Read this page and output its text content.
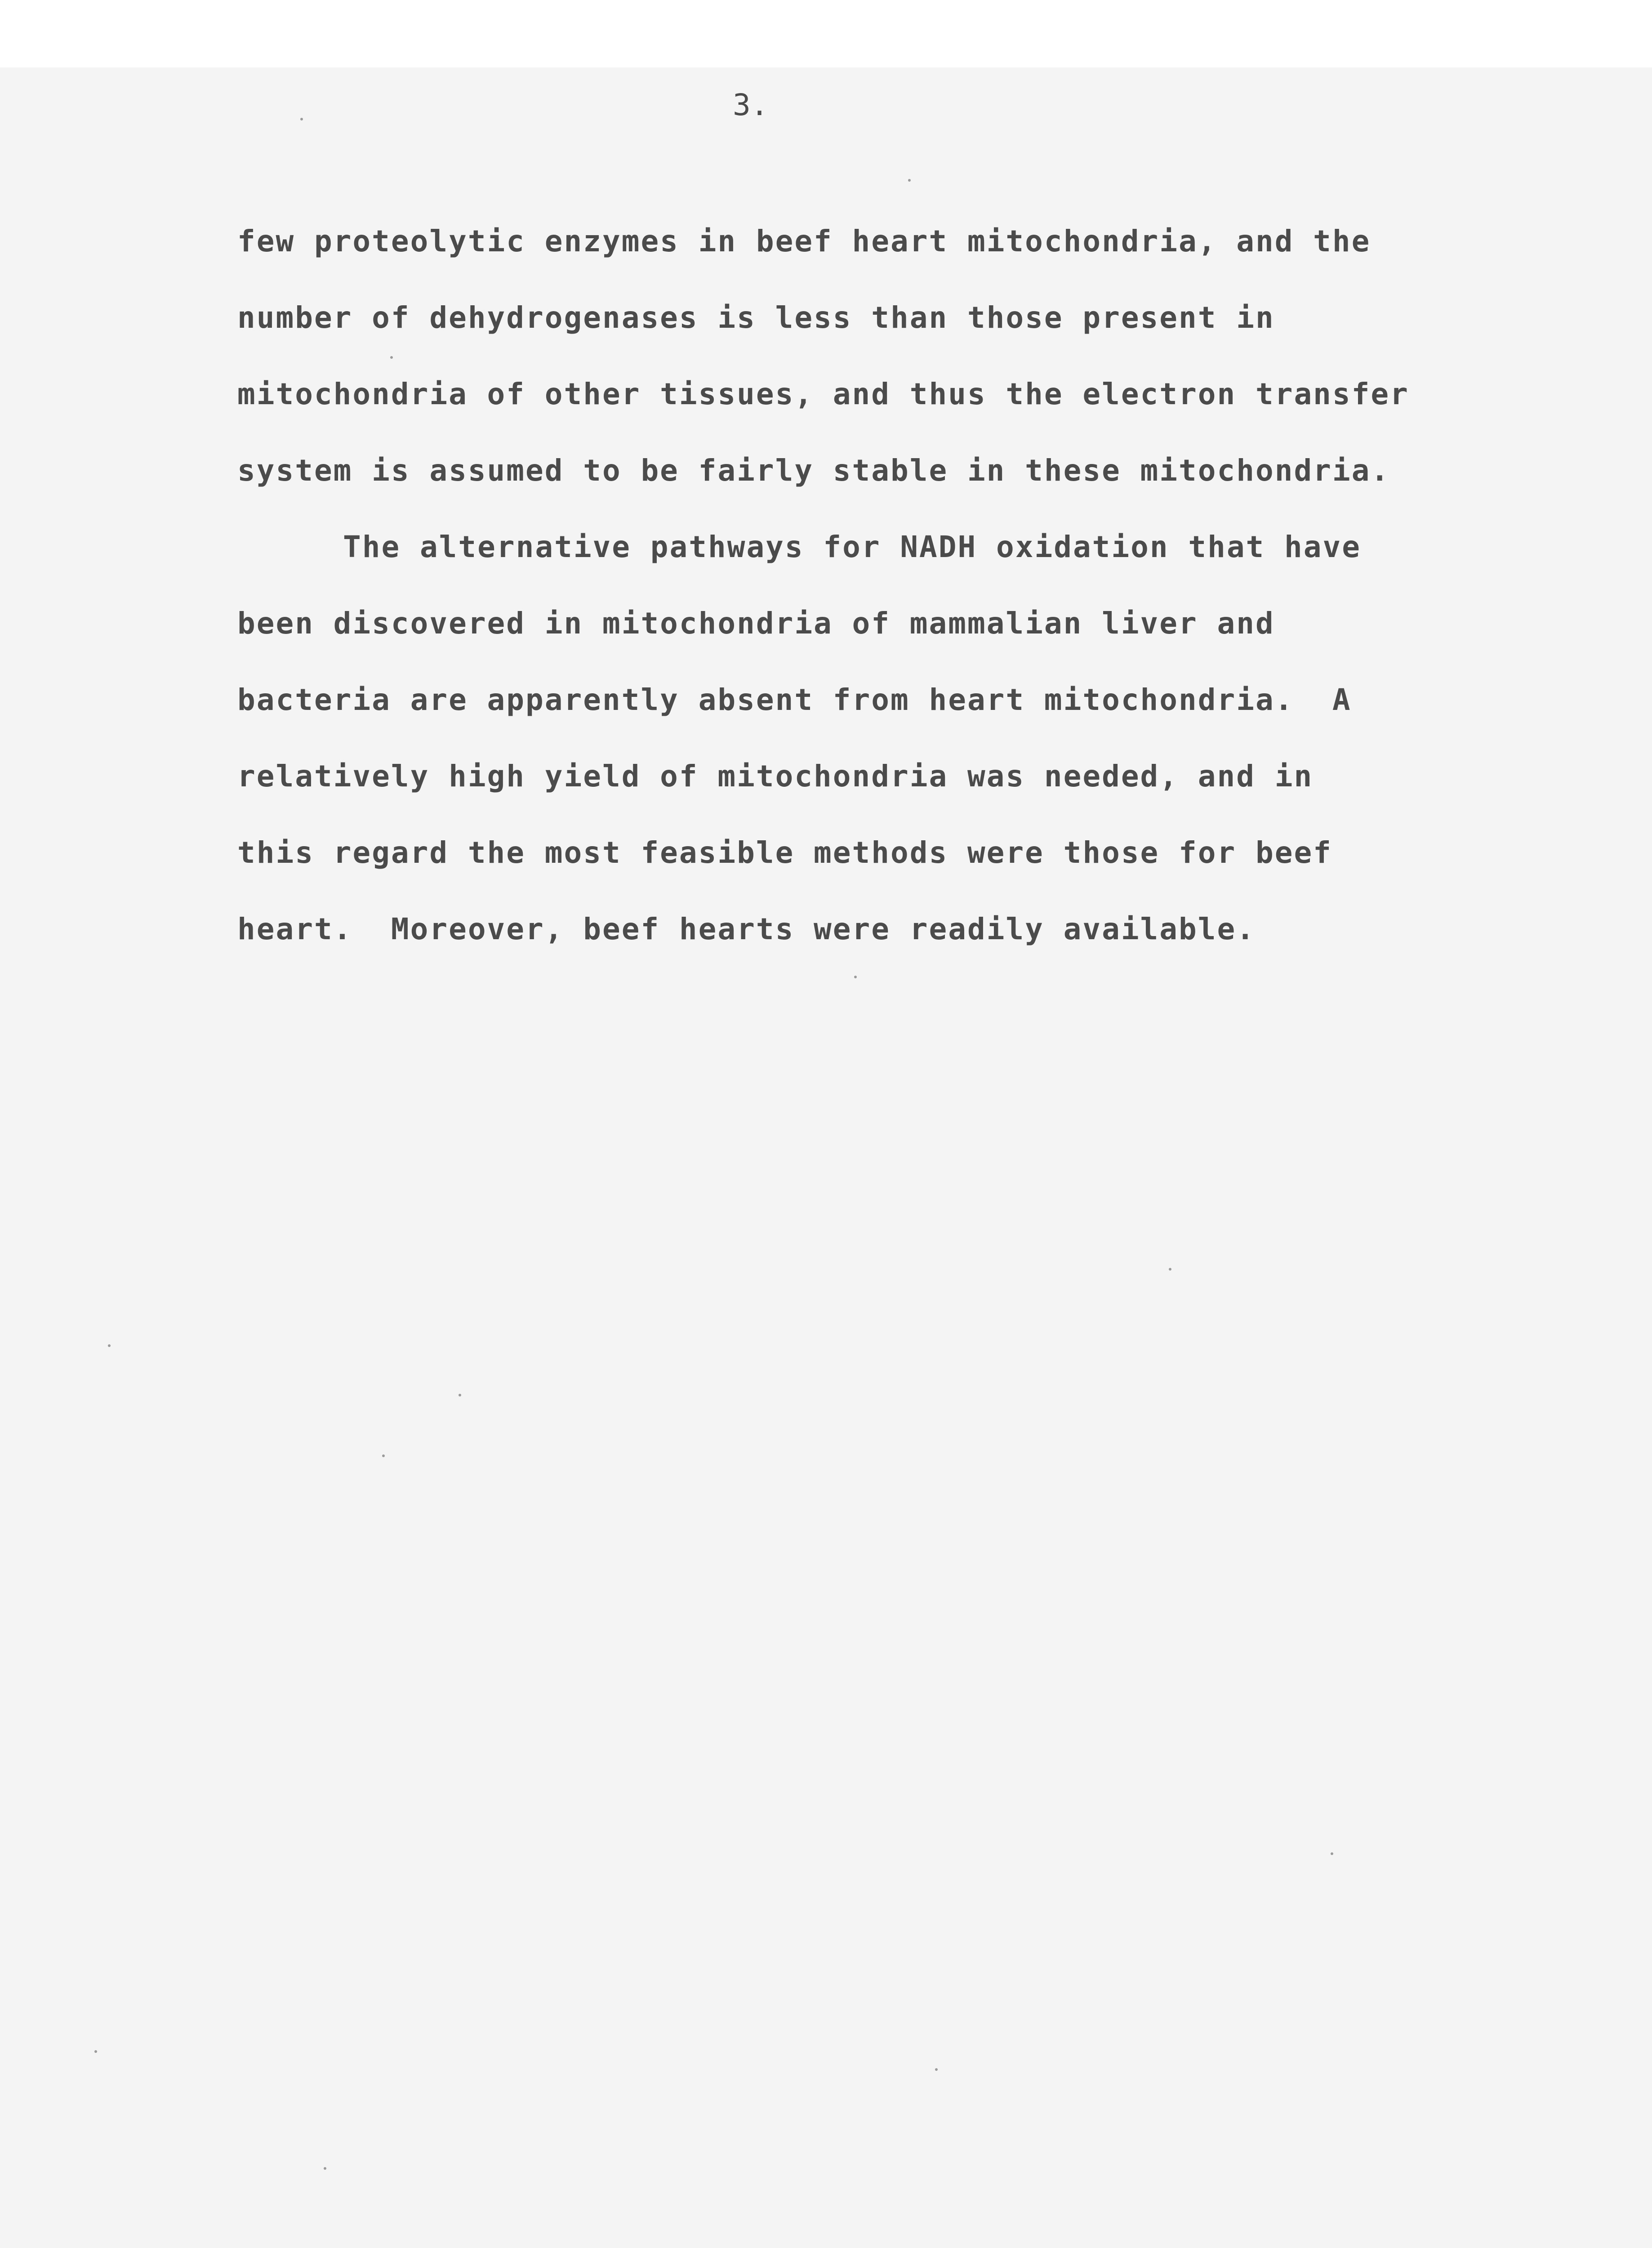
3.
few proteolytic enzymes in beef heart mitochondria, and the
number of dehydrogenases is less than those present in
mitochondria of other tissues, and thus the electron transfer
system is assumed to be fairly stable in these mitochondria.
The alternative pathways for NADH oxidation that have
been discovered in mitochondria of mammalian liver and
bacteria are apparently absent from heart mitochondria.  A
relatively high yield of mitochondria was needed, and in
this regard the most feasible methods were those for beef
heart.  Moreover, beef hearts were readily available.
